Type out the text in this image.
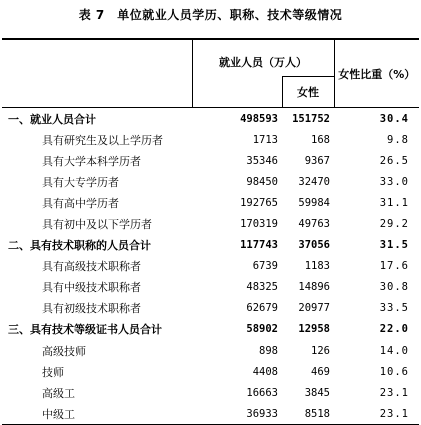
表 7　单位就业人员学历、职称、技术等级情况
	就业人员（万人）		女性比重（%）
		女性	
一、就业人员合计	498593	151752	30.4
具有研究生及以上学历者	1713	168	9.8
具有大学本科学历者	35346	9367	26.5
具有大专学历者	98450	32470	33.0
具有高中学历者	192765	59984	31.1
具有初中及以下学历者	170319	49763	29.2
二、具有技术职称的人员合计	117743	37056	31.5
具有高级技术职称者	6739	1183	17.6
具有中级技术职称者	48325	14896	30.8
具有初级技术职称者	62679	20977	33.5
三、具有技术等级证书人员合计	58902	12958	22.0
高级技师	898	126	14.0
技师	4408	469	10.6
高级工	16663	3845	23.1
中级工	36933	8518	23.1
